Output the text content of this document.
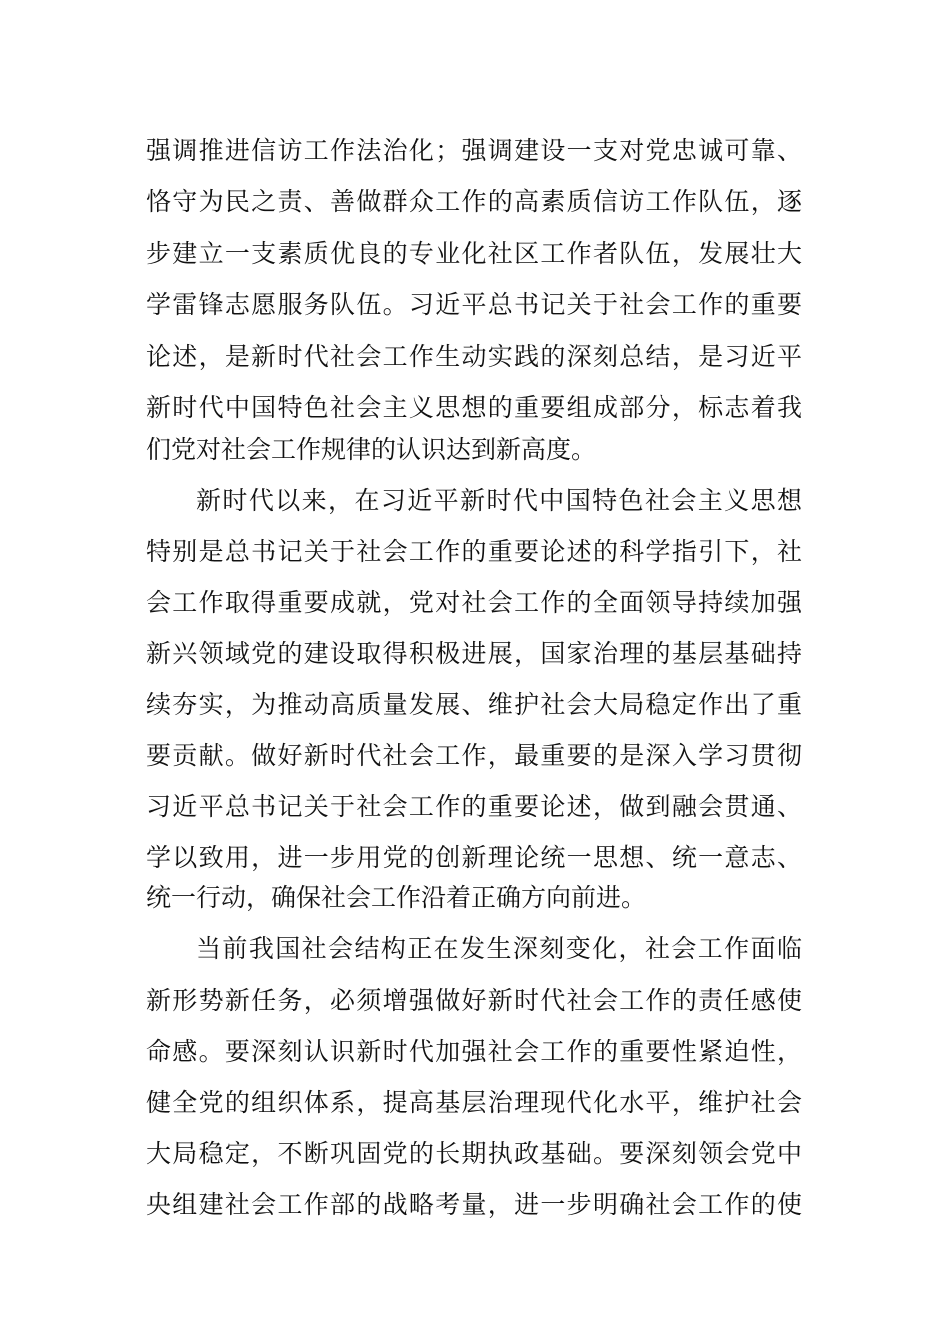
强调推进信访工作法治化；强调建设一支对党忠诚可靠、
恪守为民之责、善做群众工作的高素质信访工作队伍，逐
步建立一支素质优良的专业化社区工作者队伍，发展壮大
学雷锋志愿服务队伍。习近平总书记关于社会工作的重要
论述，是新时代社会工作生动实践的深刻总结，是习近平
新时代中国特色社会主义思想的重要组成部分，标志着我
们党对社会工作规律的认识达到新高度。
新时代以来，在习近平新时代中国特色社会主义思想
特别是总书记关于社会工作的重要论述的科学指引下，社
会工作取得重要成就，党对社会工作的全面领导持续加强
新兴领域党的建设取得积极进展，国家治理的基层基础持
续夯实，为推动高质量发展、维护社会大局稳定作出了重
要贡献。做好新时代社会工作，最重要的是深入学习贯彻
习近平总书记关于社会工作的重要论述，做到融会贯通、
学以致用，进一步用党的创新理论统一思想、统一意志、
统一行动，确保社会工作沿着正确方向前进。
当前我国社会结构正在发生深刻变化，社会工作面临
新形势新任务，必须增强做好新时代社会工作的责任感使
命感。要深刻认识新时代加强社会工作的重要性紧迫性，
健全党的组织体系，提高基层治理现代化水平，维护社会
大局稳定，不断巩固党的长期执政基础。要深刻领会党中
央组建社会工作部的战略考量，进一步明确社会工作的使
